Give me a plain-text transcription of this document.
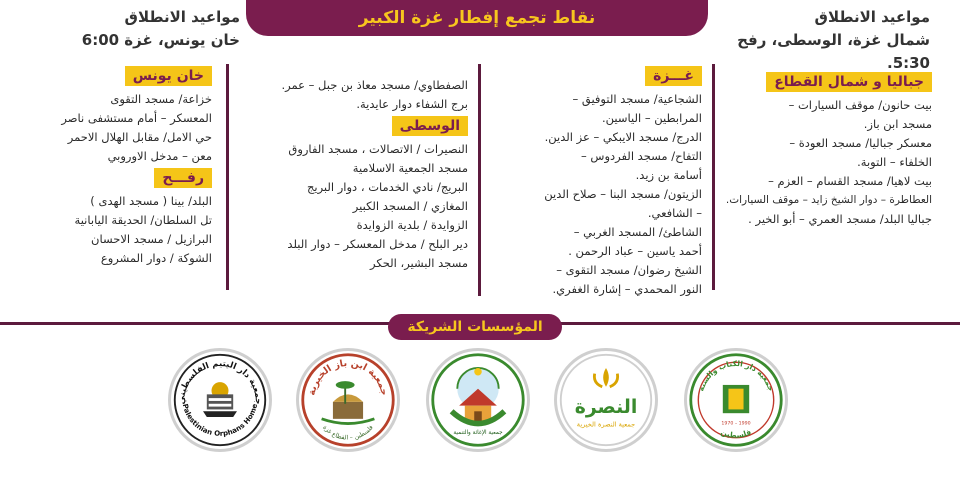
نقاط تجمع إفطار غزة الكبير	مواعيد الانطلاق
شمال غزة، الوسطى، رفح 5:30.
مواعيد الانطلاق
خان يونس، غزة 6:00
جباليا و شمال القطاع
بيت حانون/ موقف السيارات –
مسجد ابن باز.
معسكر جباليا/ مسجد العودة –
الخلفاء – التوبة.
بيت لاهيا/ مسجد القسام – العزم –
العطاطرة – دوار الشيخ زايد – موقف السيارات.
جباليا البلد/ مسجد العمري – أبو الخير .
غـــزة
الشجاعية/ مسجد التوفيق –
المرابطين – الياسين.
الدرج/ مسجد الايبكي – عز الدين.
التفاح/ مسجد الفردوس –
أسامة بن زيد.
الزيتون/ مسجد البنا – صلاح الدين
– الشافعي.
الشاطئ/ المسجد الغربي –
أحمد ياسين – عباد الرحمن .
الشيخ رضوان/ مسجد التقوى –
النور المحمدي – إشارة الغفري.
الصفطاوي/ مسجد معاذ بن جبل – عمر.
برج الشفاء دوار عايدية.
الوسطى
النصيرات / الاتصالات ، مسجد الفاروق
مسجد الجمعية الاسلامية
البريج/ نادي الخدمات ، دوار البريج
المغازي / المسجد الكبير
الزوايدة / بلدية الزوايدة
دير البلح / مدخل المعسكر – دوار البلد
مسجد البشير، الحكر
خان يونس
خزاعة/ مسجد التقوى
المعسكر – أمام مستشفى ناصر
حي الامل/ مقابل الهلال الاحمر
معن – مدخل الاوروبي
رفـــح
البلد/ بينا ( مسجد الهدى )
تل السلطان/ الحديقة اليابانية
البرازيل / مسجد الاحسان
الشوكة / دوار المشروع
المؤسسات الشريكة
جمعية دار اليتيم الفلسطيني
Palestinian Orphans Home
جمعية ابن باز الخيرية
فلسطين – القطاع غزة
جمعية الإغاثة والتنمية
النصرة
جمعية النصرة الخيرية
جمعية دار الكتاب والسنة
فلسطين
1970 – 1990
